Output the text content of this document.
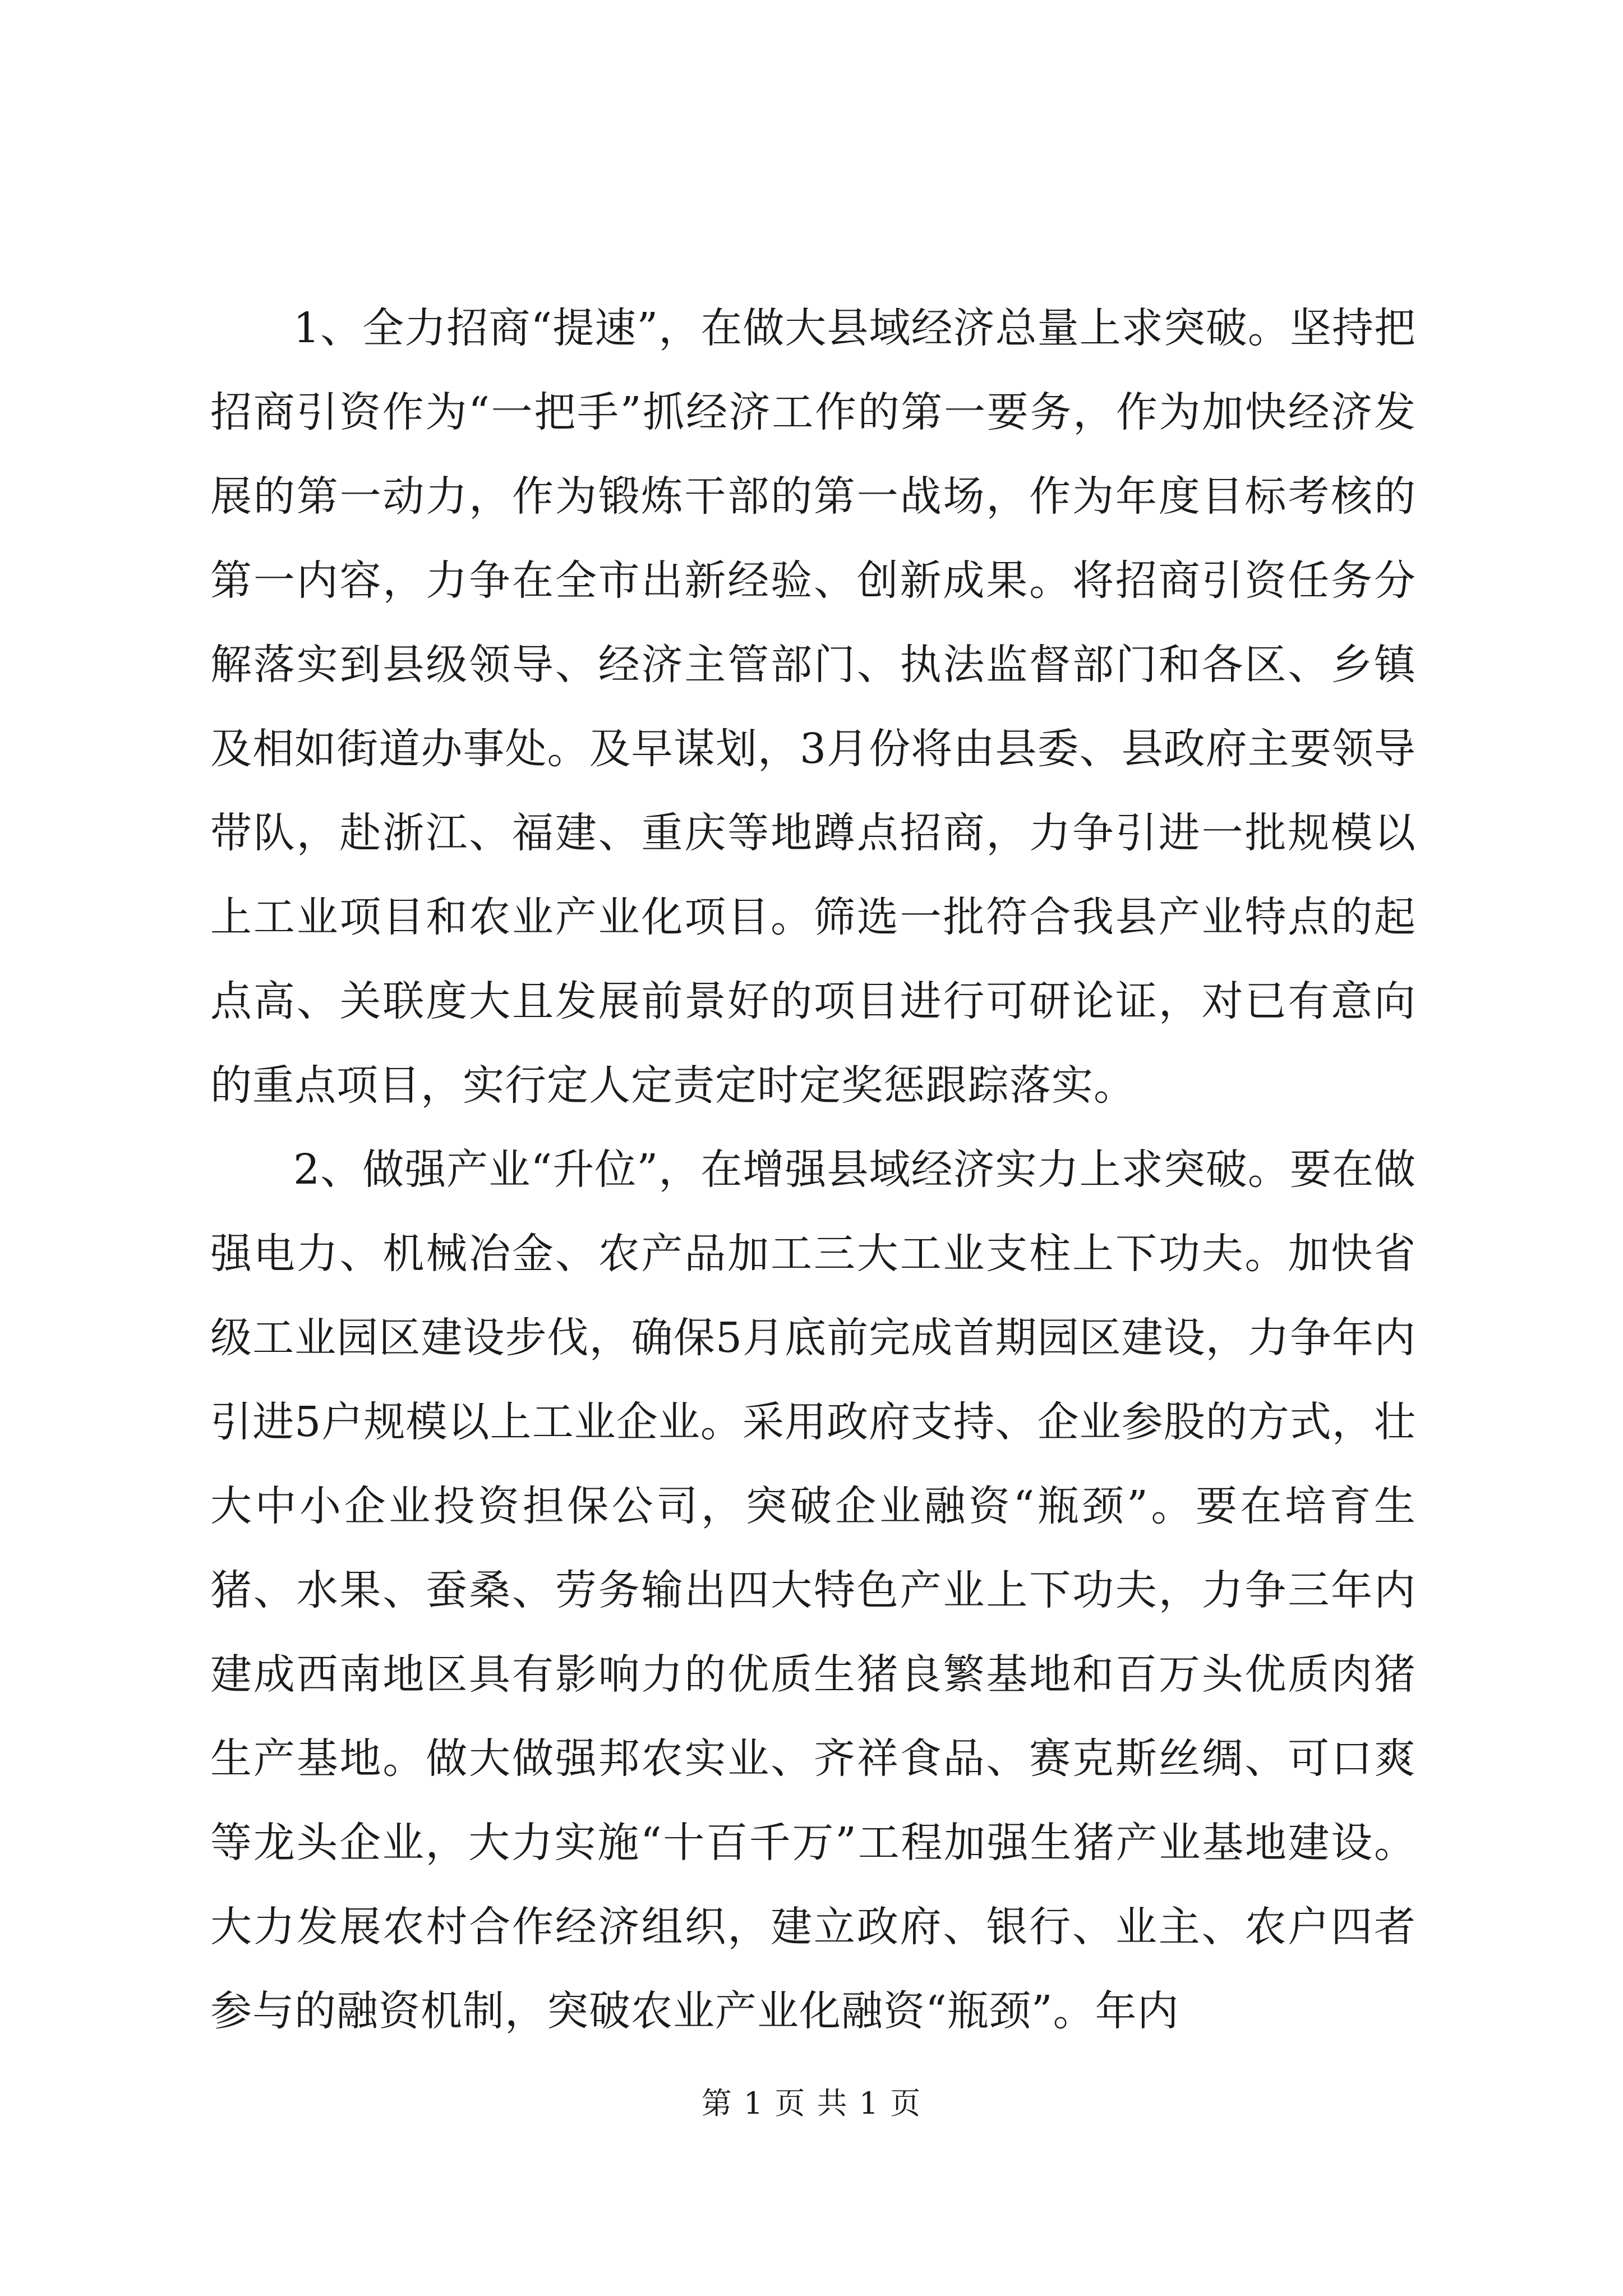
1、全力招商“提速”，在做大县域经济总量上求突破。坚持把招商引资作为“一把手”抓经济工作的第一要务，作为加快经济发展的第一动力，作为锻炼干部的第一战场，作为年度目标考核的第一内容，力争在全市出新经验、创新成果。将招商引资任务分解落实到县级领导、经济主管部门、执法监督部门和各区、乡镇及相如街道办事处。及早谋划，3月份将由县委、县政府主要领导带队，赴浙江、福建、重庆等地蹲点招商，力争引进一批规模以上工业项目和农业产业化项目。筛选一批符合我县产业特点的起点高、关联度大且发展前景好的项目进行可研论证，对已有意向的重点项目，实行定人定责定时定奖惩跟踪落实。

2、做强产业“升位”，在增强县域经济实力上求突破。要在做强电力、机械冶金、农产品加工三大工业支柱上下功夫。加快省级工业园区建设步伐，确保5月底前完成首期园区建设，力争年内引进5户规模以上工业企业。采用政府支持、企业参股的方式，壮大中小企业投资担保公司，突破企业融资“瓶颈”。要在培育生猪、水果、蚕桑、劳务输出四大特色产业上下功夫，力争三年内建成西南地区具有影响力的优质生猪良繁基地和百万头优质肉猪生产基地。做大做强邦农实业、齐祥食品、赛克斯丝绸、可口爽等龙头企业，大力实施“十百千万”工程加强生猪产业基地建设。大力发展农村合作经济组织，建立政府、银行、业主、农户四者参与的融资机制，突破农业产业化融资“瓶颈”。年内

第 1 页 共 1 页
